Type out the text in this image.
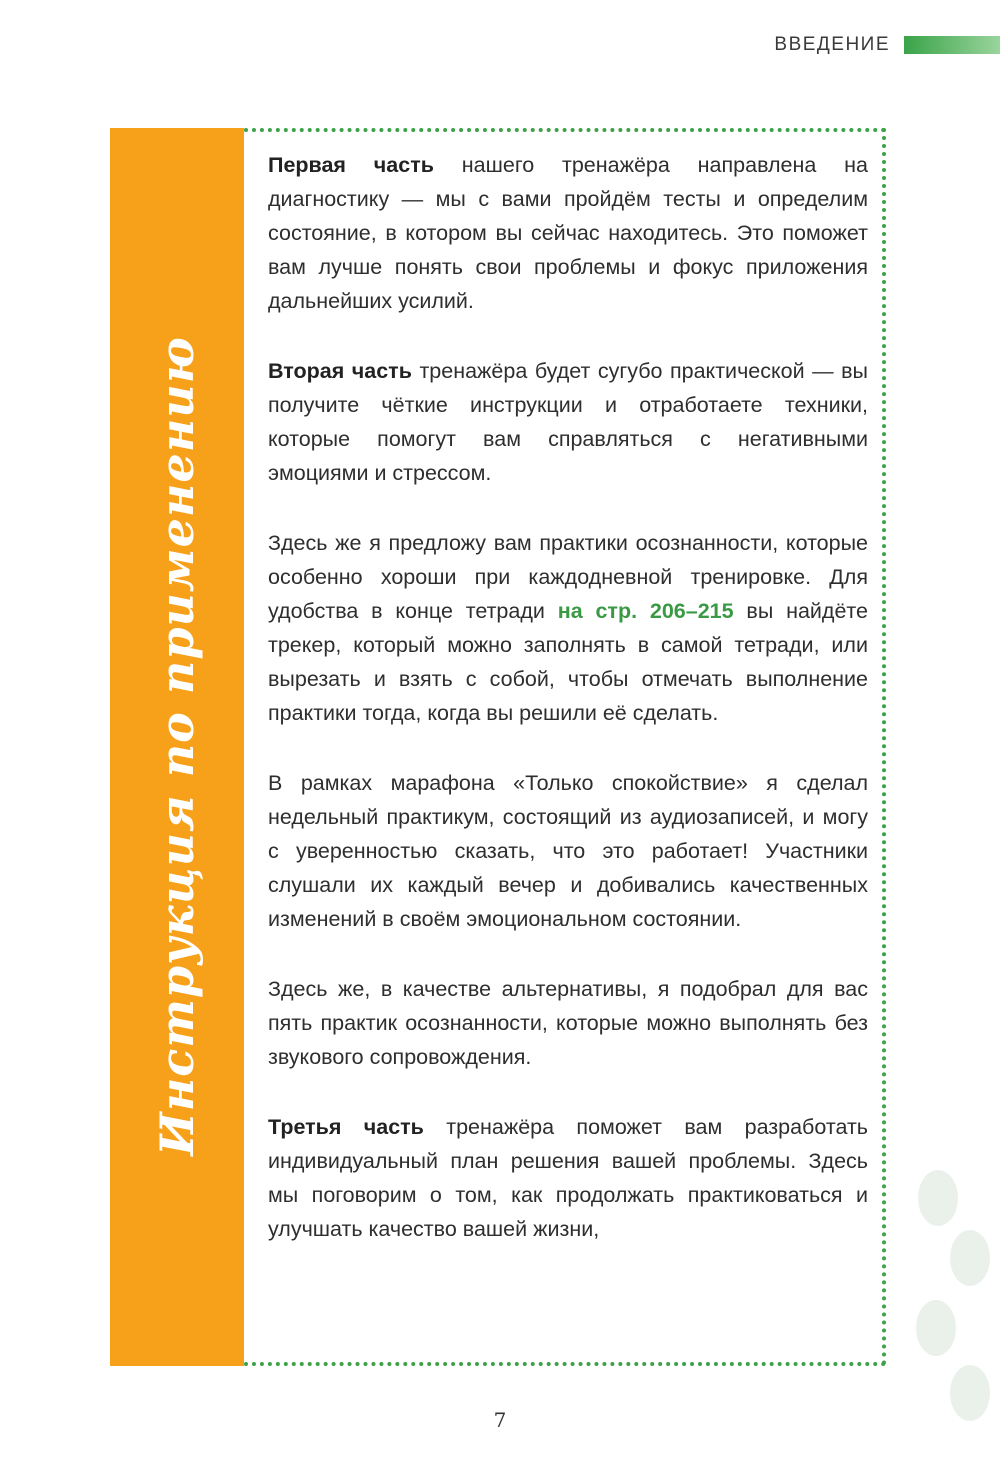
ВВЕДЕНИЕ
Инструкция по применению

Первая часть нашего тренажёра направлена на диагностику — мы с вами пройдём тесты и определим состояние, в котором вы сейчас находитесь. Это поможет вам лучше понять свои проблемы и фокус приложения дальнейших усилий.

Вторая часть тренажёра будет сугубо практической — вы получите чёткие инструкции и отработаете техники, которые помогут вам справляться с негативными эмоциями и стрессом.

Здесь же я предложу вам практики осознанности, которые особенно хороши при каждодневной тренировке. Для удобства в конце тетради на стр. 206–215 вы найдёте трекер, который можно заполнять в самой тетради, или вырезать и взять с собой, чтобы отмечать выполнение практики тогда, когда вы решили её сделать.

В рамках марафона «Только спокойствие» я сделал недельный практикум, состоящий из аудиозаписей, и могу с уверенностью сказать, что это работает! Участники слушали их каждый вечер и добивались качественных изменений в своём эмоциональном состоянии.

Здесь же, в качестве альтернативы, я подобрал для вас пять практик осознанности, которые можно выполнять без звукового сопровождения.

Третья часть тренажёра поможет вам разработать индивидуальный план решения вашей проблемы. Здесь мы поговорим о том, как продолжать практиковаться и улучшать качество вашей жизни,

7
